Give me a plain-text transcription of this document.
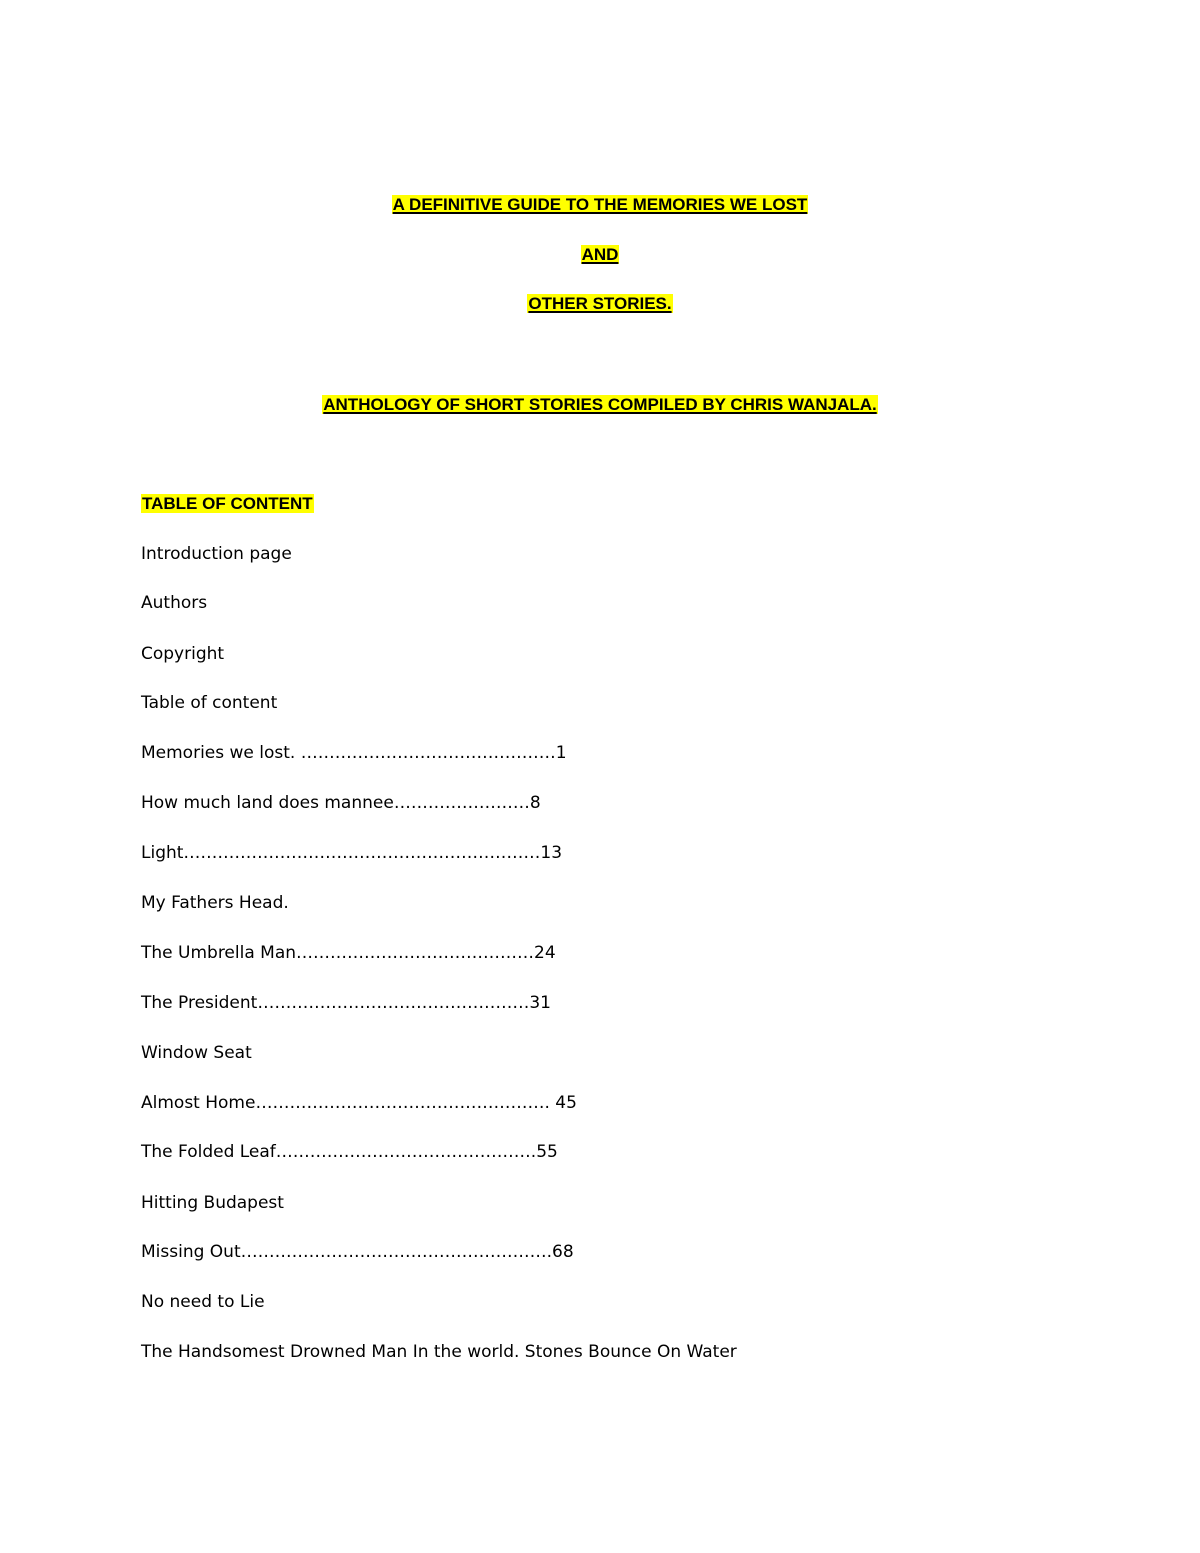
A DEFINITIVE GUIDE TO THE MEMORIES WE LOST
AND
OTHER STORIES.
ANTHOLOGY OF SHORT STORIES COMPILED BY CHRIS WANJALA.
TABLE OF CONTENT
Introduction page
Authors
Copyright
Table of content
Memories we lost. ………………………………………1
How much land does mannee……………………8
Light………………………………………………………13
My Fathers Head.
The Umbrella Man……………………………………24
The President…………………………………………31
Window Seat
Almost Home……………………………………………. 45
The Folded Leaf……………………………………….55
Hitting Budapest
Missing Out……………………………………………….68
No need to Lie
The Handsomest Drowned Man In the world. Stones Bounce On Water
